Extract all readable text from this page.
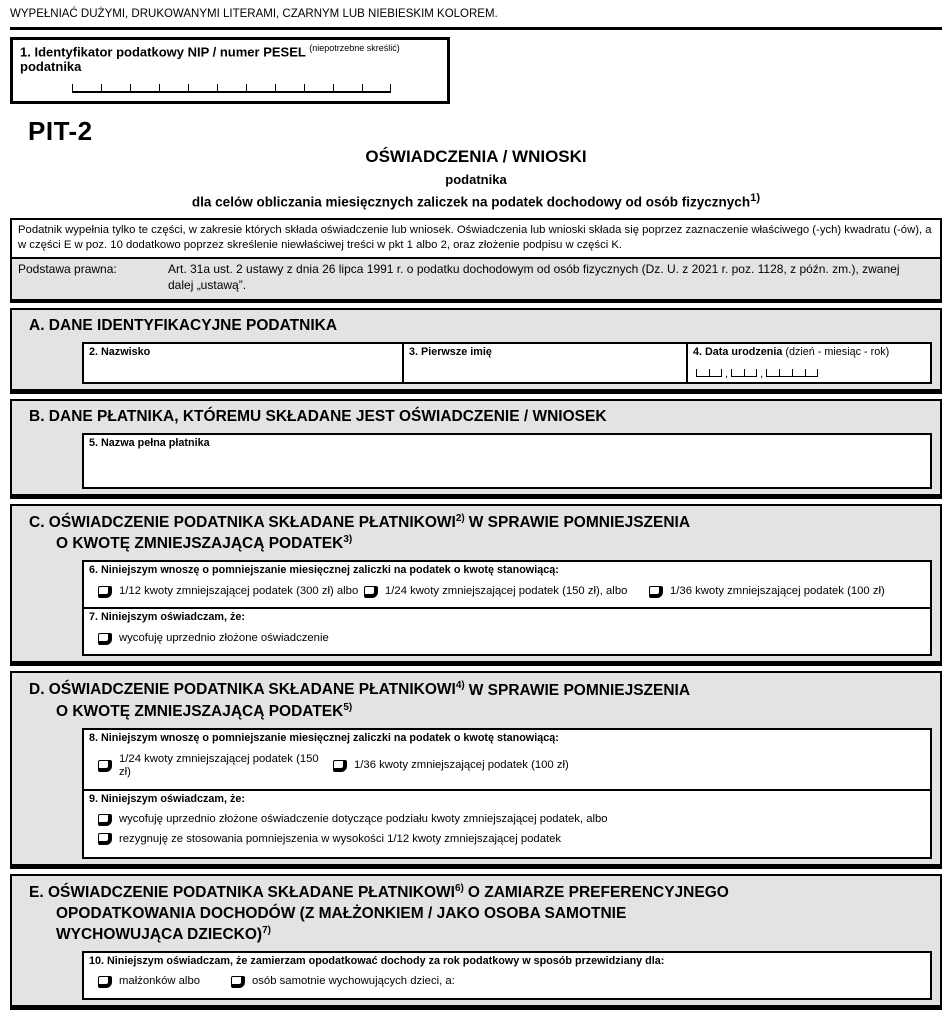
WYPEŁNIAĆ DUŻYMI, DRUKOWANYMI LITERAMI, CZARNYM LUB NIEBIESKIM KOLOREM.
1. Identyfikator podatkowy NIP / numer PESEL $^{(niepotrzebne skreślić)}$ podatnika
PIT-2
OŚWIADCZENIA / WNIOSKI
podatnika
dla celów obliczania miesięcznych zaliczek na podatek dochodowy od osób fizycznych$^{1)}$
Podatnik wypełnia tylko te części, w zakresie których składa oświadczenie lub wniosek. Oświadczenia lub wnioski składa się poprzez zaznaczenie właściwego (-ych) kwadratu (-ów), a w części E w poz. 10 dodatkowo poprzez skreślenie niewłaściwej treści w pkt 1 albo 2, oraz złożenie podpisu w części K.
Podstawa prawna:	Art. 31a ust. 2 ustawy z dnia 26 lipca 1991 r. o podatku dochodowym od osób fizycznych (Dz. U. z 2021 r. poz. 1128, z późn. zm.), zwanej dalej „ustawą”.
A. DANE IDENTYFIKACYJNE PODATNIKA
2. Nazwisko	3. Pierwsze imię	4. Data urodzenia (dzień - miesiąc - rok)
,	,
B. DANE PŁATNIKA, KTÓREMU SKŁADANE JEST OŚWIADCZENIE / WNIOSEK
5. Nazwa pełna płatnika
C. OŚWIADCZENIE PODATNIKA SKŁADANE PŁATNIKOWI$^{2)}$ W SPRAWIE POMNIEJSZENIA
O KWOTĘ ZMNIEJSZAJĄCĄ PODATEK$^{3)}$
6. Niniejszym wnoszę o pomniejszanie miesięcznej zaliczki na podatek o kwotę stanowiącą:
1/12 kwoty zmniejszającej podatek (300 zł) albo 1/24 kwoty zmniejszającej podatek (150 zł), albo	1/36 kwoty zmniejszającej podatek (100 zł)
7. Niniejszym oświadczam, że:
wycofuję uprzednio złożone oświadczenie
D. OŚWIADCZENIE PODATNIKA SKŁADANE PŁATNIKOWI$^{4)}$ W SPRAWIE POMNIEJSZENIA
O KWOTĘ ZMNIEJSZAJĄCĄ PODATEK$^{5)}$
8. Niniejszym wnoszę o pomniejszanie miesięcznej zaliczki na podatek o kwotę stanowiącą:
1/24 kwoty zmniejszającej podatek (150 zł)
1/36 kwoty zmniejszającej podatek (100 zł)
9. Niniejszym oświadczam, że:
wycofuję uprzednio złożone oświadczenie dotyczące podziału kwoty zmniejszającej podatek, albo
rezygnuję ze stosowania pomniejszenia w wysokości 1/12 kwoty zmniejszającej podatek
E. OŚWIADCZENIE PODATNIKA SKŁADANE PŁATNIKOWI$^{6)}$ O ZAMIARZE PREFERENCYJNEGO
OPODATKOWANIA DOCHODÓW (Z MAŁŻONKIEM / JAKO OSOBA SAMOTNIE
WYCHOWUJĄCA DZIECKO)$^{7)}$
10. Niniejszym oświadczam, że zamierzam opodatkować dochody za rok podatkowy w sposób przewidziany dla:
małżonków albo	osób samotnie wychowujących dzieci, a:
